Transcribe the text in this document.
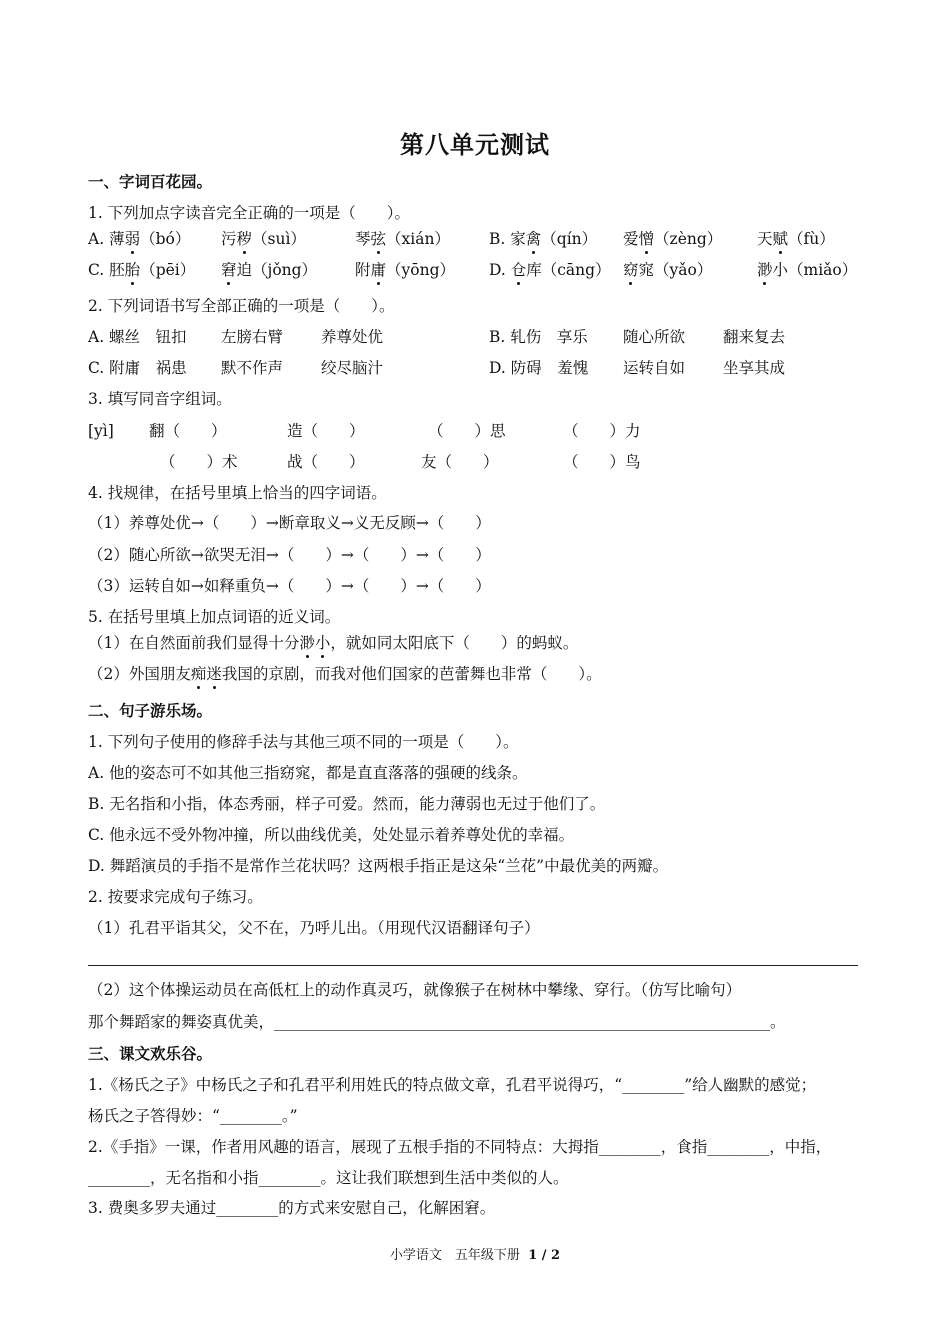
第八单元测试
一、字词百花园。
1. 下列加点字读音完全正确的一项是（　　）。
A. 薄弱（bó） 污秽（suì）	琴弦（xián）	B. 家禽（qín） 爱憎（zèng） 天赋（fù）
C. 胚胎（pēi） 窘迫（jǒng） 附庸（yōng） D. 仓库（cāng） 窈窕（yǎo）	渺小（miǎo）
2. 下列词语书写全部正确的一项是（　　）。
A. 螺丝　钮扣 左膀右臂 养尊处优	B. 轧伤　享乐 随心所欲 翻来复去
C. 附庸　祸患 默不作声 绞尽脑汁	D. 防碍　羞愧 运转自如 坐享其成
3. 填写同音字组词。
[yì] 翻（　　）	造（　　）	（　　）思	（　　）力
（　　）术	战（　　）	友（　　）	（　　）鸟
4. 找规律，在括号里填上恰当的四字词语。
（1）养尊处优→（　　）→断章取义→义无反顾→（　　）
（2）随心所欲→欲哭无泪→（　　）→（　　）→（　　）
（3）运转自如→如释重负→（　　）→（　　）→（　　）
5. 在括号里填上加点词语的近义词。
（1）在自然面前我们显得十分渺小，就如同太阳底下（　　）的蚂蚁。
（2）外国朋友痴迷我国的京剧，而我对他们国家的芭蕾舞也非常（　　）。
二、句子游乐场。
1. 下列句子使用的修辞手法与其他三项不同的一项是（　　）。
A. 他的姿态可不如其他三指窈窕，都是直直落落的强硬的线条。
B. 无名指和小指，体态秀丽，样子可爱。然而，能力薄弱也无过于他们了。
C. 他永远不受外物冲撞，所以曲线优美，处处显示着养尊处优的幸福。
D. 舞蹈演员的手指不是常作兰花状吗？这两根手指正是这朵“兰花”中最优美的两瓣。
2. 按要求完成句子练习。
（1）孔君平诣其父，父不在，乃呼儿出。（用现代汉语翻译句子）
（2）这个体操运动员在高低杠上的动作真灵巧，就像猴子在树林中攀缘、穿行。（仿写比喻句）
那个舞蹈家的舞姿真优美，________________________________________________________________。
三、课文欢乐谷。
1.《杨氏之子》中杨氏之子和孔君平利用姓氏的特点做文章，孔君平说得巧，“________”给人幽默的感觉；
杨氏之子答得妙：“________。”
2.《手指》一课，作者用风趣的语言，展现了五根手指的不同特点：大拇指________，食指________，中指，
________，无名指和小指________。这让我们联想到生活中类似的人。
3. 费奥多罗夫通过________的方式来安慰自己，化解困窘。
小学语文　五年级下册 1 / 2
